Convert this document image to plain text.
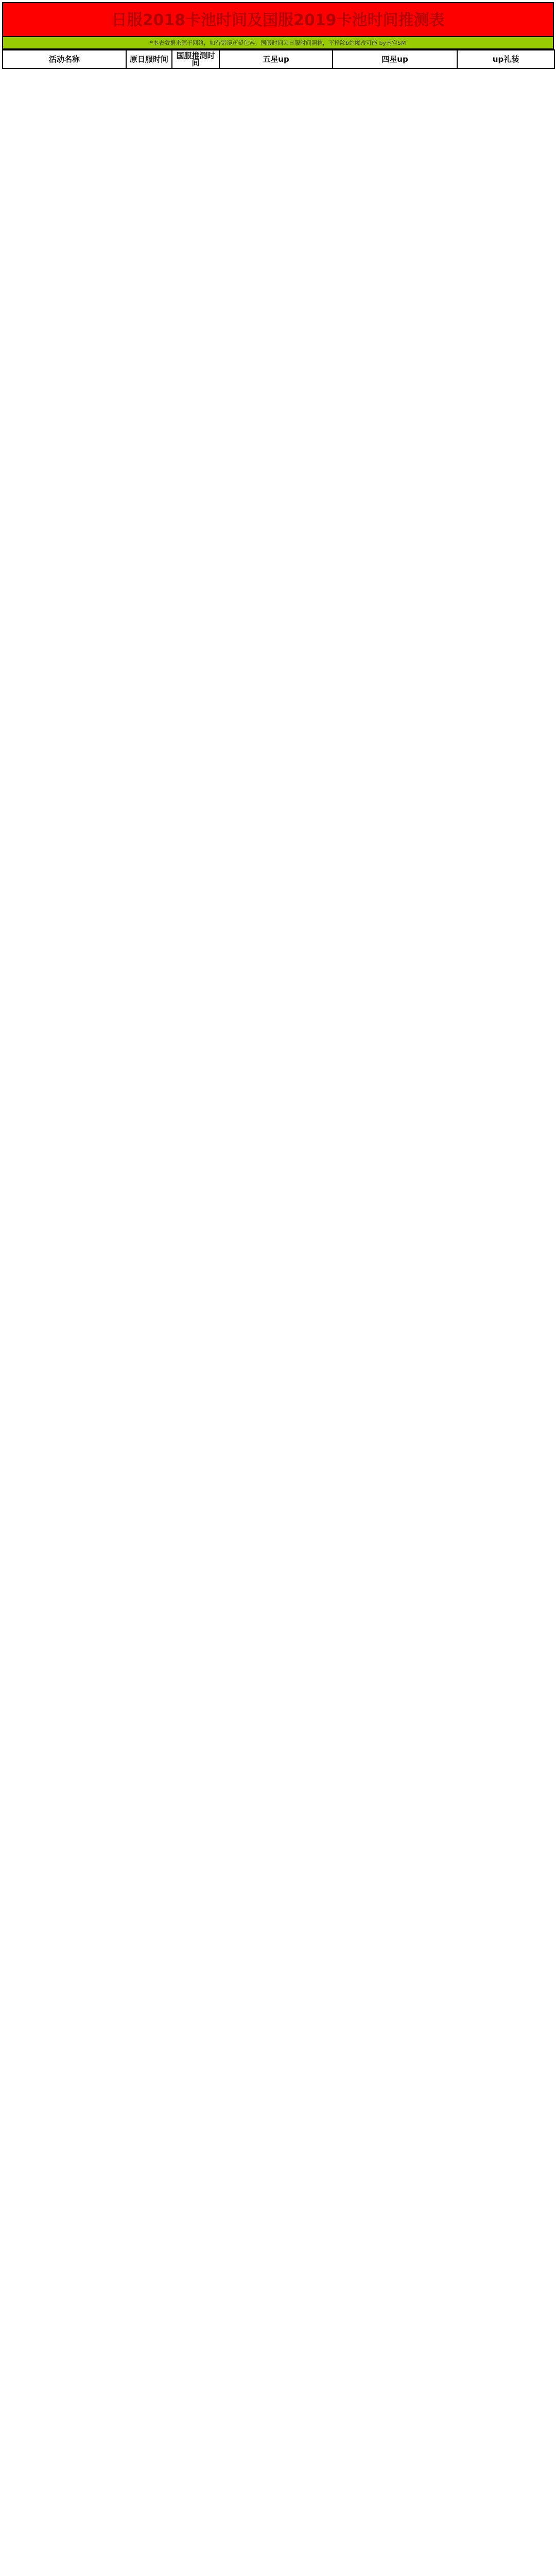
日服2018卡池时间及国服2019卡池时间推测表
*本表数据来源于网络，如有错误还望包容；国服时间为日服时间照推，不排除b站魔改可能 by南宫SM
活动名称	原日服时间	国服推测时间	五星up	四星up	up礼装
